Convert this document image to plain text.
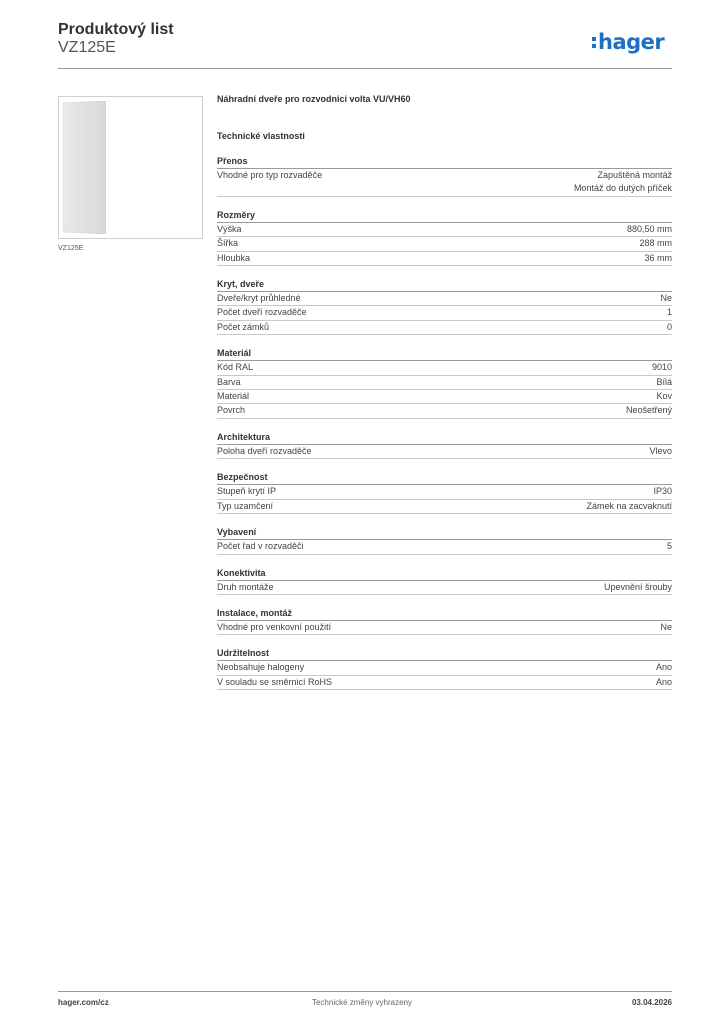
Produktový list
VZ125E	hager
VZ125E
Náhradní dveře pro rozvodnici volta VU/VH60
Technické vlastnosti
Přenos
Vhodné pro typ rozvaděče	Zapuštěná montáž
Montáž do dutých příček
Rozměry
Výška	880,50 mm
Šířka	288 mm
Hloubka	36 mm
Kryt, dveře
Dveře/kryt průhledné	Ne
Počet dveří rozvaděče	1
Počet zámků	0
Materiál
Kód RAL	9010
Barva	Bílá
Materiál	Kov
Povrch	Neošetřený
Architektura
Poloha dveří rozvaděče	Vlevo
Bezpečnost
Stupeň krytí IP	IP30
Typ uzamčení	Zámek na zacvaknutí
Vybavení
Počet řad v rozvaděči	5
Konektivita
Druh montáže	Upevnění šrouby
Instalace, montáž
Vhodné pro venkovní použití	Ne
Udržitelnost
Neobsahuje halogeny	Ano
V souladu se směrnicí RoHS	Ano
hager.com/cz	Technické změny vyhrazeny	03.04.2026
